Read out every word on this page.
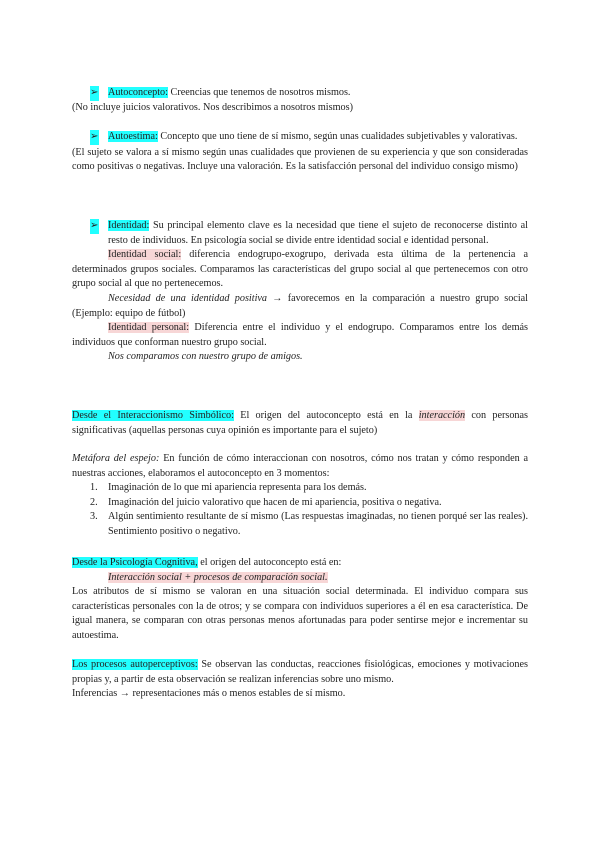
➢ Autoconcepto: Creencias que tenemos de nosotros mismos.

(No incluye juicios valorativos. Nos describimos a nosotros mismos)

➢ Autoestima: Concepto que uno tiene de sí mismo, según unas cualidades subjetivables y valorativas.

(El sujeto se valora a sí mismo según unas cualidades que provienen de su experiencia y que son consideradas como positivas o negativas. Incluye una valoración. Es la satisfacción personal del individuo consigo mismo)

➢ Identidad: Su principal elemento clave es la necesidad que tiene el sujeto de reconocerse distinto al resto de individuos. En psicología social se divide entre identidad social e identidad personal.

Identidad social: diferencia endogrupo-exogrupo, derivada esta última de la pertenencia a determinados grupos sociales. Comparamos las características del grupo social al que pertenecemos con otro grupo social al que no pertenecemos.

Necesidad de una identidad positiva → favorecemos en la comparación a nuestro grupo social (Ejemplo: equipo de fútbol)

Identidad personal: Diferencia entre el individuo y el endogrupo. Comparamos entre los demás individuos que conforman nuestro grupo social.

Nos comparamos con nuestro grupo de amigos.

Desde el Interaccionismo Simbólico: El origen del autoconcepto está en la interacción con personas significativas (aquellas personas cuya opinión es importante para el sujeto)

Metáfora del espejo: En función de cómo interaccionan con nosotros, cómo nos tratan y cómo responden a nuestras acciones, elaboramos el autoconcepto en 3 momentos:

1. Imaginación de lo que mi apariencia representa para los demás.
2. Imaginación del juicio valorativo que hacen de mi apariencia, positiva o negativa.
3. Algún sentimiento resultante de sí mismo (Las respuestas imaginadas, no tienen porqué ser las reales). Sentimiento positivo o negativo.

Desde la Psicología Cognitiva, el origen del autoconcepto está en:

Interacción social + procesos de comparación social.

Los atributos de sí mismo se valoran en una situación social determinada. El individuo compara sus características personales con la de otros; y se compara con individuos superiores a él en esa característica. De igual manera, se comparan con otras personas menos afortunadas para poder sentirse mejor e incrementar su autoestima.

Los procesos autoperceptivos: Se observan las conductas, reacciones fisiológicas, emociones y motivaciones propias y, a partir de esta observación se realizan inferencias sobre uno mismo.

Inferencias → representaciones más o menos estables de sí mismo.
